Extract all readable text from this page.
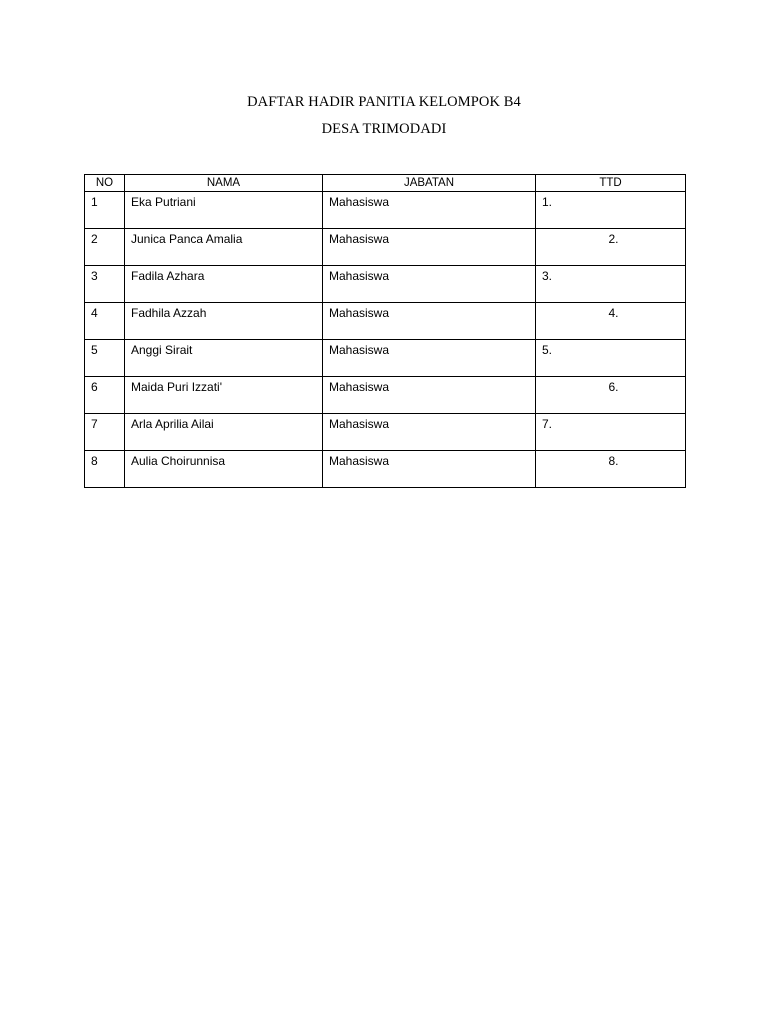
DAFTAR HADIR PANITIA KELOMPOK B4
DESA TRIMODADI
NO	NAMA	JABATAN	TTD
1	Eka Putriani	Mahasiswa	1.
2	Junica Panca Amalia	Mahasiswa	2.
3	Fadila Azhara	Mahasiswa	3.
4	Fadhila Azzah	Mahasiswa	4.
5	Anggi Sirait	Mahasiswa	5.
6	Maida Puri Izzati'	Mahasiswa	6.
7	Arla Aprilia Ailai	Mahasiswa	7.
8	Aulia Choirunnisa	Mahasiswa	8.
